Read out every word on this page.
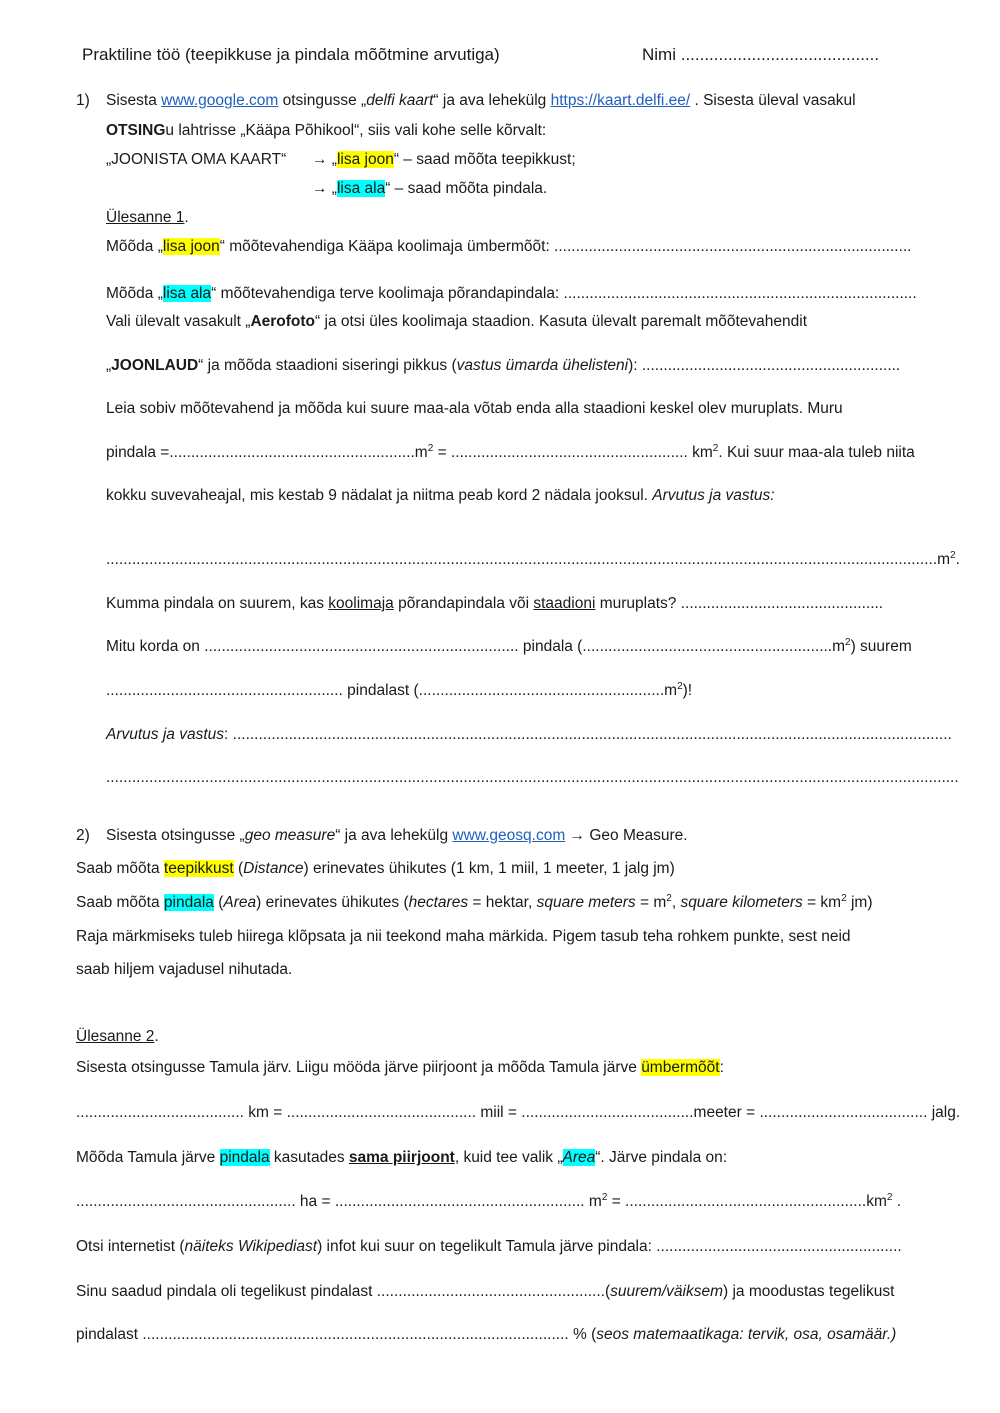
Praktiline töö (teepikkuse ja pindala mõõtmine arvutiga)	Nimi ..........................................
1) Sisesta www.google.com otsingusse „delfi kaart“ ja ava lehekülg https://kaart.delfi.ee/ . Sisesta üleval vasakul
OTSINGu lahtrisse „Kääpa Põhikool“, siis vali kohe selle kõrvalt:
„JOONISTA OMA KAART“ → „lisa joon“ – saad mõõta teepikkust;
→ „lisa ala“ – saad mõõta pindala.
Ülesanne 1.
Mõõda „lisa joon“ mõõtevahendiga Kääpa koolimaja ümbermõõt: ...................................................................................
Mõõda „lisa ala“ mõõtevahendiga terve koolimaja põrandapindala: ..................................................................................
Vali ülevalt vasakult „Aerofoto“ ja otsi üles koolimaja staadion. Kasuta ülevalt paremalt mõõtevahendit
„JOONLAUD“ ja mõõda staadioni siseringi pikkus (vastus ümarda ühelisteni): ............................................................
Leia sobiv mõõtevahend ja mõõda kui suure maa-ala võtab enda alla staadioni keskel olev muruplats. Muru
pindala $=.........................................................m^2$ = ....................................................... $km^2$. Kui suur maa-ala tuleb niita
kokku suvevaheajal, mis kestab 9 nädalat ja niitma peab kord 2 nädala jooksul. Arvutus ja vastus:
........................................................................................................................$.........................................................................m^2$.
Kumma pindala on suurem, kas koolimaja põrandapindala või staadioni muruplats? ...............................................
Mitu korda on ......................................................................... pindala $(..........................................................m^2)$ suurem
....................................................... pindalast $(.........................................................m^2)$!
Arvutus ja vastus: .......................................................................................................................................................................
......................................................................................................................................................................................................
2) Sisesta otsingusse „geo measure“ ja ava lehekülg www.geosq.com → Geo Measure.
Saab mõõta teepikkust (Distance) erinevates ühikutes (1 km, 1 miil, 1 meeter, 1 jalg jm)
Saab mõõta pindala (Area) erinevates ühikutes (hectares = hektar, square meters = $m^2$, square kilometers = $km^2$ jm)
Raja märkmiseks tuleb hiirega klõpsata ja nii teekond maha märkida. Pigem tasub teha rohkem punkte, sest neid
saab hiljem vajadusel nihutada.
Ülesanne 2.
Sisesta otsingusse Tamula järv. Liigu mööda järve piirjoont ja mõõda Tamula järve ümbermõõt:
....................................... km = ............................................ miil = ........................................meeter = ....................................... jalg.
Mõõda Tamula järve pindala kasutades sama piirjoont, kuid tee valik „Area“. Järve pindala on:
................................................... ha = .......................................................... $m^2 = ........................................................km^2$ .
Otsi internetist (näiteks Wikipediast) infot kui suur on tegelikult Tamula järve pindala: .........................................................
Sinu saadud pindala oli tegelikust pindalast .....................................................(suurem/väiksem) ja moodustas tegelikust
pindalast ................................................................................................... % (seos matemaatikaga: tervik, osa, osamäär.)
